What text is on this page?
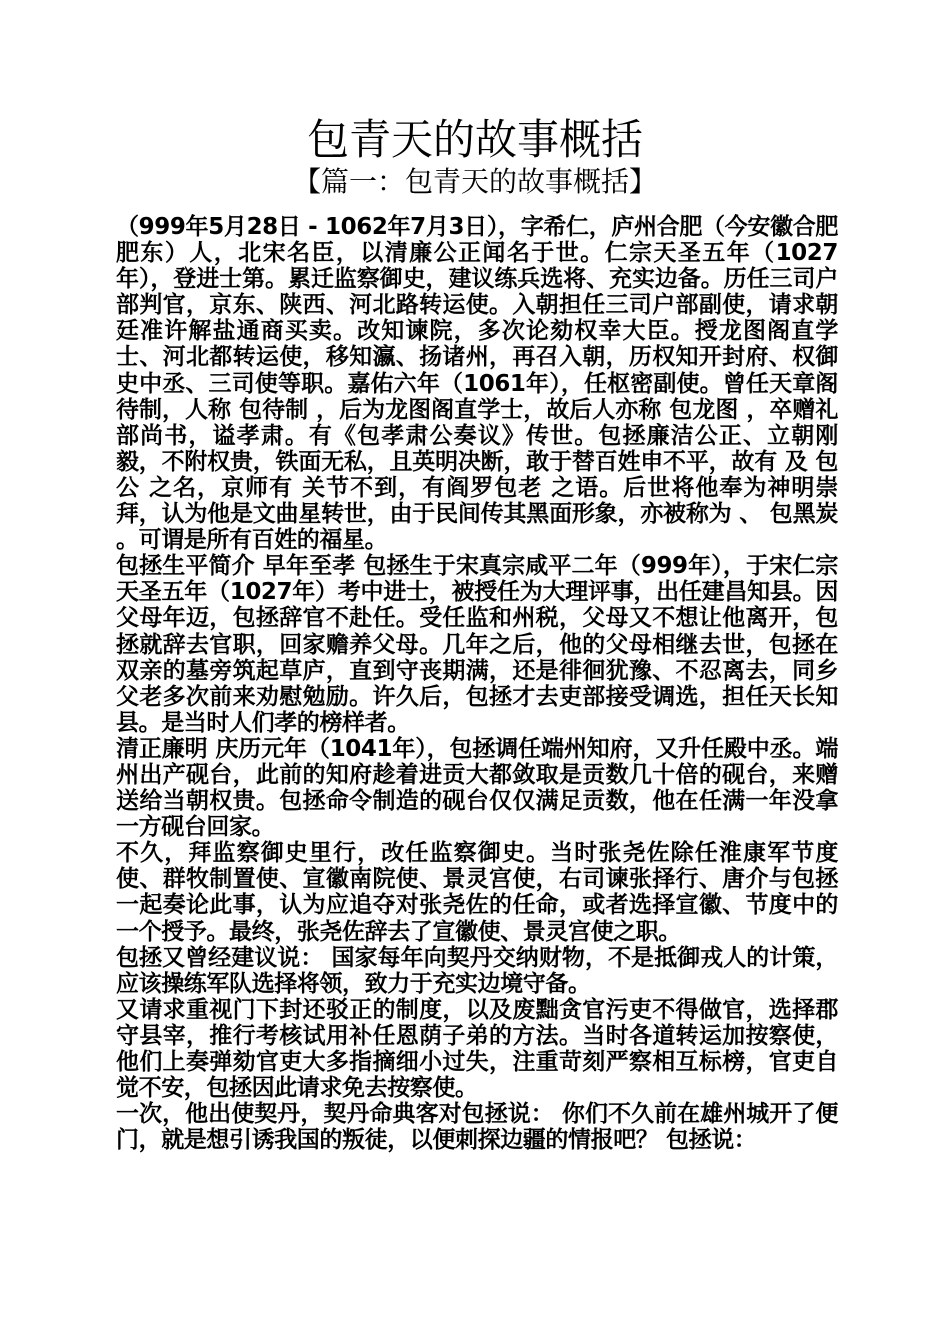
包青天的故事概括
【篇一：包青天的故事概括】

（999年5月28日 - 1062年7月3日），字希仁，庐州合肥（今安徽合肥肥东）人，北宋名臣，以清廉公正闻名于世。仁宗天圣五年（1027年），登进士第。累迁监察御史，建议练兵选将、充实边备。历任三司户部判官，京东、陕西、河北路转运使。入朝担任三司户部副使，请求朝廷准许解盐通商买卖。改知谏院，多次论劾权幸大臣。授龙图阁直学士、河北都转运使，移知瀛、扬诸州，再召入朝，历权知开封府、权御史中丞、三司使等职。嘉佑六年（1061年），任枢密副使。曾任天章阁待制，人称 包待制 ，后为龙图阁直学士，故后人亦称 包龙图 ，卒赠礼部尚书，谥孝肃。有《包孝肃公奏议》传世。包拯廉洁公正、立朝刚毅，不附权贵，铁面无私，且英明决断，敢于替百姓申不平，故有 及 包公 之名，京师有 关节不到，有阎罗包老 之语。后世将他奉为神明崇拜，认为他是文曲星转世，由于民间传其黑面形象，亦被称为 、 包黑炭 。可谓是所有百姓的福星。

包拯生平简介 早年至孝 包拯生于宋真宗咸平二年（999年），于宋仁宗天圣五年（1027年）考中进士，被授任为大理评事，出任建昌知县。因父母年迈，包拯辞官不赴任。受任监和州税，父母又不想让他离开，包拯就辞去官职，回家赡养父母。几年之后，他的父母相继去世，包拯在双亲的墓旁筑起草庐，直到守丧期满，还是徘徊犹豫、不忍离去，同乡父老多次前来劝慰勉励。许久后，包拯才去吏部接受调选，担任天长知县。是当时人们孝的榜样者。

清正廉明 庆历元年（1041年），包拯调任端州知府，又升任殿中丞。端州出产砚台，此前的知府趁着进贡大都敛取是贡数几十倍的砚台，来赠送给当朝权贵。包拯命令制造的砚台仅仅满足贡数，他在任满一年没拿一方砚台回家。

不久，拜监察御史里行，改任监察御史。当时张尧佐除任淮康军节度使、群牧制置使、宣徽南院使、景灵宫使，右司谏张择行、唐介与包拯一起奏论此事，认为应追夺对张尧佐的任命，或者选择宣徽、节度中的一个授予。最终，张尧佐辞去了宣徽使、景灵宫使之职。

包拯又曾经建议说： 国家每年向契丹交纳财物，不是抵御戎人的计策，应该操练军队选择将领，致力于充实边境守备。

又请求重视门下封还驳正的制度，以及废黜贪官污吏不得做官，选择郡守县宰，推行考核试用补任恩荫子弟的方法。当时各道转运加按察使，他们上奏弹劾官吏大多指摘细小过失，注重苛刻严察相互标榜，官吏自觉不安，包拯因此请求免去按察使。

一次，他出使契丹，契丹命典客对包拯说： 你们不久前在雄州城开了便门，就是想引诱我国的叛徒，以便刺探边疆的情报吧？ 包拯说：
